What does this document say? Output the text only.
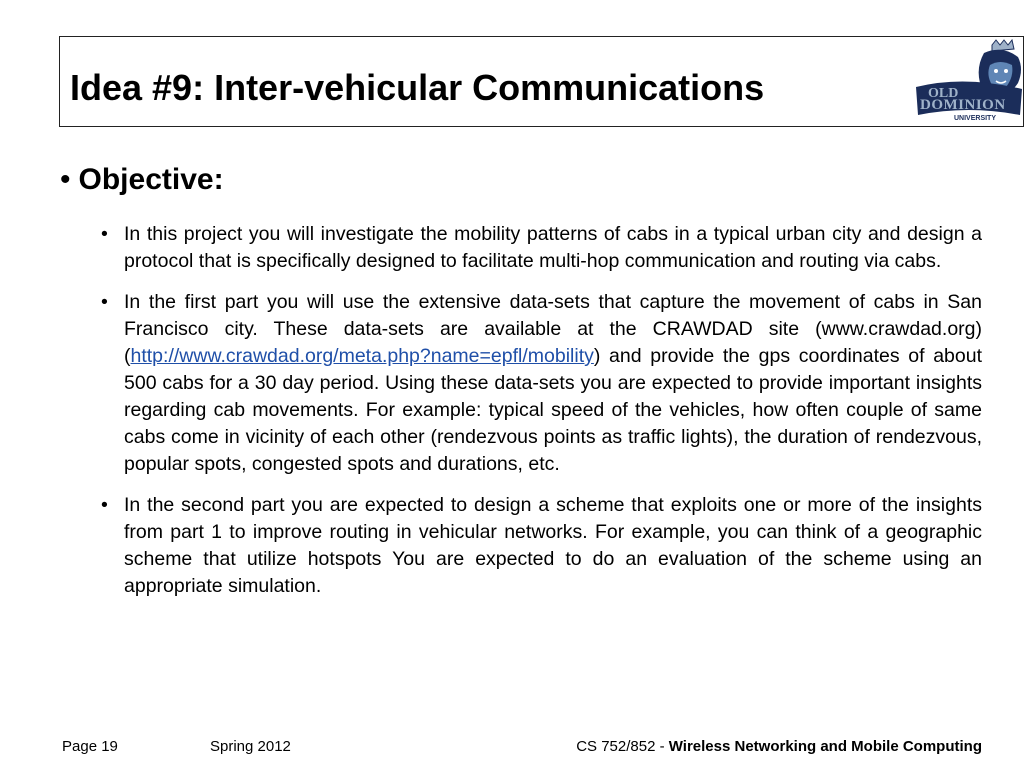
Idea #9: Inter-vehicular Communications	OLD
DOMINION
UNIVERSITY
• Objective:
• In this project you will investigate the mobility patterns of cabs in a typical urban city and design a protocol that is specifically designed to facilitate multi-hop communication and routing via cabs.
• In the first part you will use the extensive data-sets that capture the movement of cabs in San Francisco city. These data-sets are available at the CRAWDAD site (www.crawdad.org) (http://www.crawdad.org/meta.php?name=epfl/mobility) and provide the gps coordinates of about 500 cabs for a 30 day period. Using these data-sets you are expected to provide important insights regarding cab movements. For example: typical speed of the vehicles, how often couple of same cabs come in vicinity of each other (rendezvous points as traffic lights), the duration of rendezvous, popular spots, congested spots and durations, etc.
• In the second part you are expected to design a scheme that exploits one or more of the insights from part 1 to improve routing in vehicular networks. For example, you can think of a geographic scheme that utilize hotspots You are expected to do an evaluation of the scheme using an appropriate simulation.
Page 19	Spring 2012	CS 752/852 - Wireless Networking and Mobile Computing
